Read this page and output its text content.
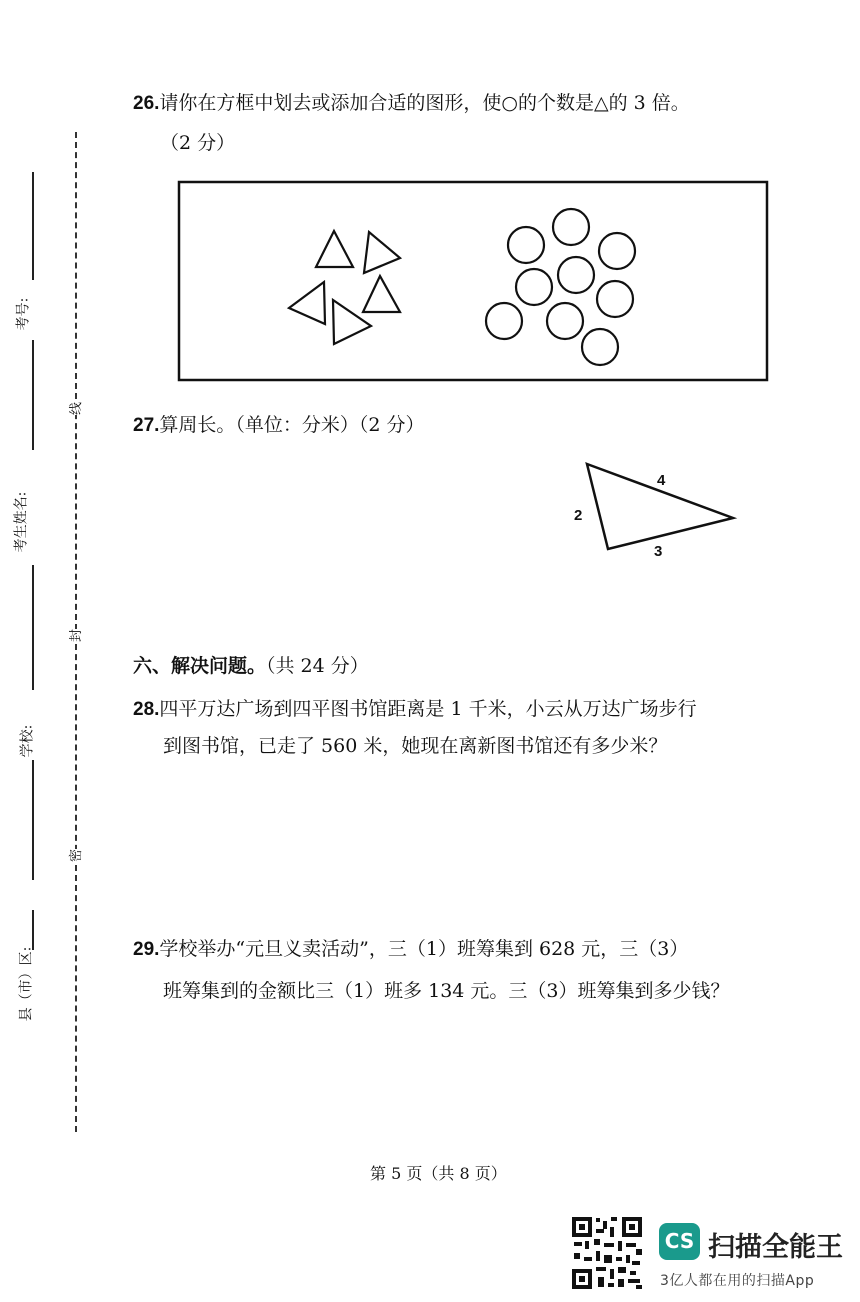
考号:
考生姓名:
学校:
县（市）区:
线
封
密
26.请你在方框中划去或添加合适的图形，使○的个数是△的 3 倍。
（2 分）
27.算周长。（单位：分米）（2 分）
4
2
3
六、解决问题。（共 24 分）
28.四平万达广场到四平图书馆距离是 1 千米，小云从万达广场步行
到图书馆，已走了 560 米，她现在离新图书馆还有多少米？
29.学校举办“元旦义卖活动”，三（1）班筹集到 628 元，三（3）
班筹集到的金额比三（1）班多 134 元。三（3）班筹集到多少钱？
第 5 页（共 8 页）
CS 扫描全能王
3亿人都在用的扫描App
